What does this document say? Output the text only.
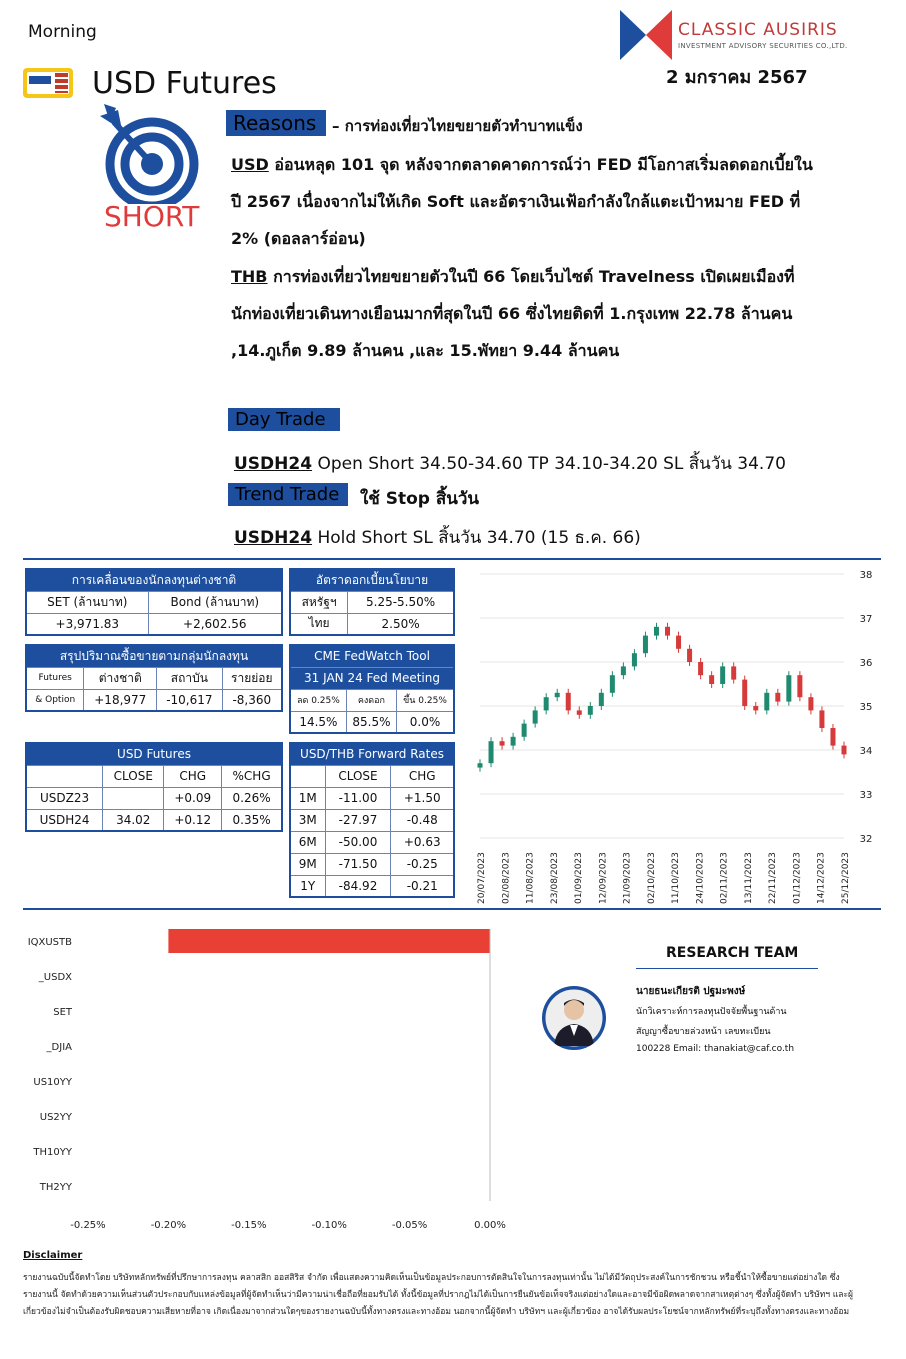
Morning	CLASSIC AUSIRIS
INVESTMENT ADVISORY SECURITIES CO.,LTD.
2 มกราคม 2567
USD Futures
SHORT
Reasons	– การท่องเที่ยวไทยขยายตัวทำบาทแข็ง
USD อ่อนหลุด 101 จุด หลังจากตลาดคาดการณ์ว่า FED มีโอกาสเริ่มลดดอกเบี้ยใน
ปี 2567 เนื่องจากไม่ให้เกิด Soft และอัตราเงินเฟ้อกำลังใกล้แตะเป้าหมาย FED ที่
2% (ดอลลาร์อ่อน)
THB การท่องเที่ยวไทยขยายตัวในปี 66 โดยเว็บไซต์ Travelness เปิดเผยเมืองที่
นักท่องเที่ยวเดินทางเยือนมากที่สุดในปี 66 ซึ่งไทยติดที่ 1.กรุงเทพ 22.78 ล้านคน
,14.ภูเก็ต 9.89 ล้านคน ,และ 15.พัทยา 9.44 ล้านคน
Day Trade
USDH24 Open Short 34.50-34.60 TP 34.10-34.20 SL สิ้นวัน 34.70
Trend Trade	ใช้ Stop สิ้นวัน
USDH24 Hold Short SL สิ้นวัน 34.70 (15 ธ.ค. 66)
การเคลื่อนของนักลงทุนต่างชาติ	
SET (ล้านบาท)	Bond (ล้านบาท)
+3,971.83	+2,602.56
สรุปปริมาณซื้อขายตามกลุ่มนักลงทุน			
Futures	ต่างชาติ	สถาบัน	รายย่อย
& Option	+18,977	-10,617	-8,360
USD Futures			
	CLOSE	CHG	%CHG
USDZ23		+0.09	0.26%
USDH24	34.02	+0.12	0.35%
อัตราดอกเบี้ยนโยบาย	
สหรัฐฯ	5.25-5.50%
ไทย	2.50%
CME FedWatch Tool		
31 JAN 24 Fed Meeting		
ลด 0.25%	คงดอก	ขึ้น 0.25%
14.5%	85.5%	0.0%
USD/THB Forward Rates		
	CLOSE	CHG
1M	-11.00	+1.50
3M	-27.97	-0.48
6M	-50.00	+0.63
9M	-71.50	-0.25
1Y	-84.92	-0.21
38
37
36
35
34
33
32
20/07/2023 02/08/2023 11/08/2023 23/08/2023 01/09/2023 12/09/2023 21/09/2023 02/10/2023 11/10/2023 24/10/2023 02/11/2023 13/11/2023 22/11/2023 01/12/2023 14/12/2023 25/12/2023
IQXUSTB
_USDX
SET
_DJIA
US10YY
US2YY
TH10YY
TH2YY
-0.25%	-0.20%	-0.15%	-0.10%	-0.05%	0.00%
RESEARCH TEAM
นายธนะเกียรติ ปฐมะพงษ์
นักวิเคราะห์การลงทุนปัจจัยพื้นฐานด้าน
สัญญาซื้อขายล่วงหน้า เลขทะเบียน
100228 Email: thanakiat@caf.co.th
Disclaimer
รายงานฉบับนี้จัดทำโดย บริษัทหลักทรัพย์ที่ปรึกษาการลงทุน คลาสสิก ออสสิริส จำกัด เพื่อแสดงความคิดเห็นเป็นข้อมูลประกอบการตัดสินใจในการลงทุนเท่านั้น ไม่ได้มีวัตถุประสงค์ในการชักชวน หรือชี้นำให้ซื้อขายแต่อย่างใด ซึ่งรายงานนี้ จัดทำด้วยความเห็นส่วนตัวประกอบกับแหล่งข้อมูลที่ผู้จัดทำเห็นว่ามีความน่าเชื่อถือที่ยอมรับได้ ทั้งนี้ข้อมูลที่ปรากฎไม่ได้เป็นการยืนยันข้อเท็จจริงแต่อย่างใดและอาจมีข้อผิดพลาดจากสาเหตุต่างๆ ซึ่งทั้งผู้จัดทำ บริษัทฯ และผู้เกี่ยวข้องไม่จำเป็นต้องรับผิดชอบความเสียหายที่อาจ เกิดเนื่องมาจากส่วนใดๆของรายงานฉบับนี้ทั้งทางตรงและทางอ้อม นอกจากนี้ผู้จัดทำ บริษัทฯ และผู้เกี่ยวข้อง อาจได้รับผลประโยชน์จากหลักทรัพย์ที่ระบุถึงทั้งทางตรงและทางอ้อม
